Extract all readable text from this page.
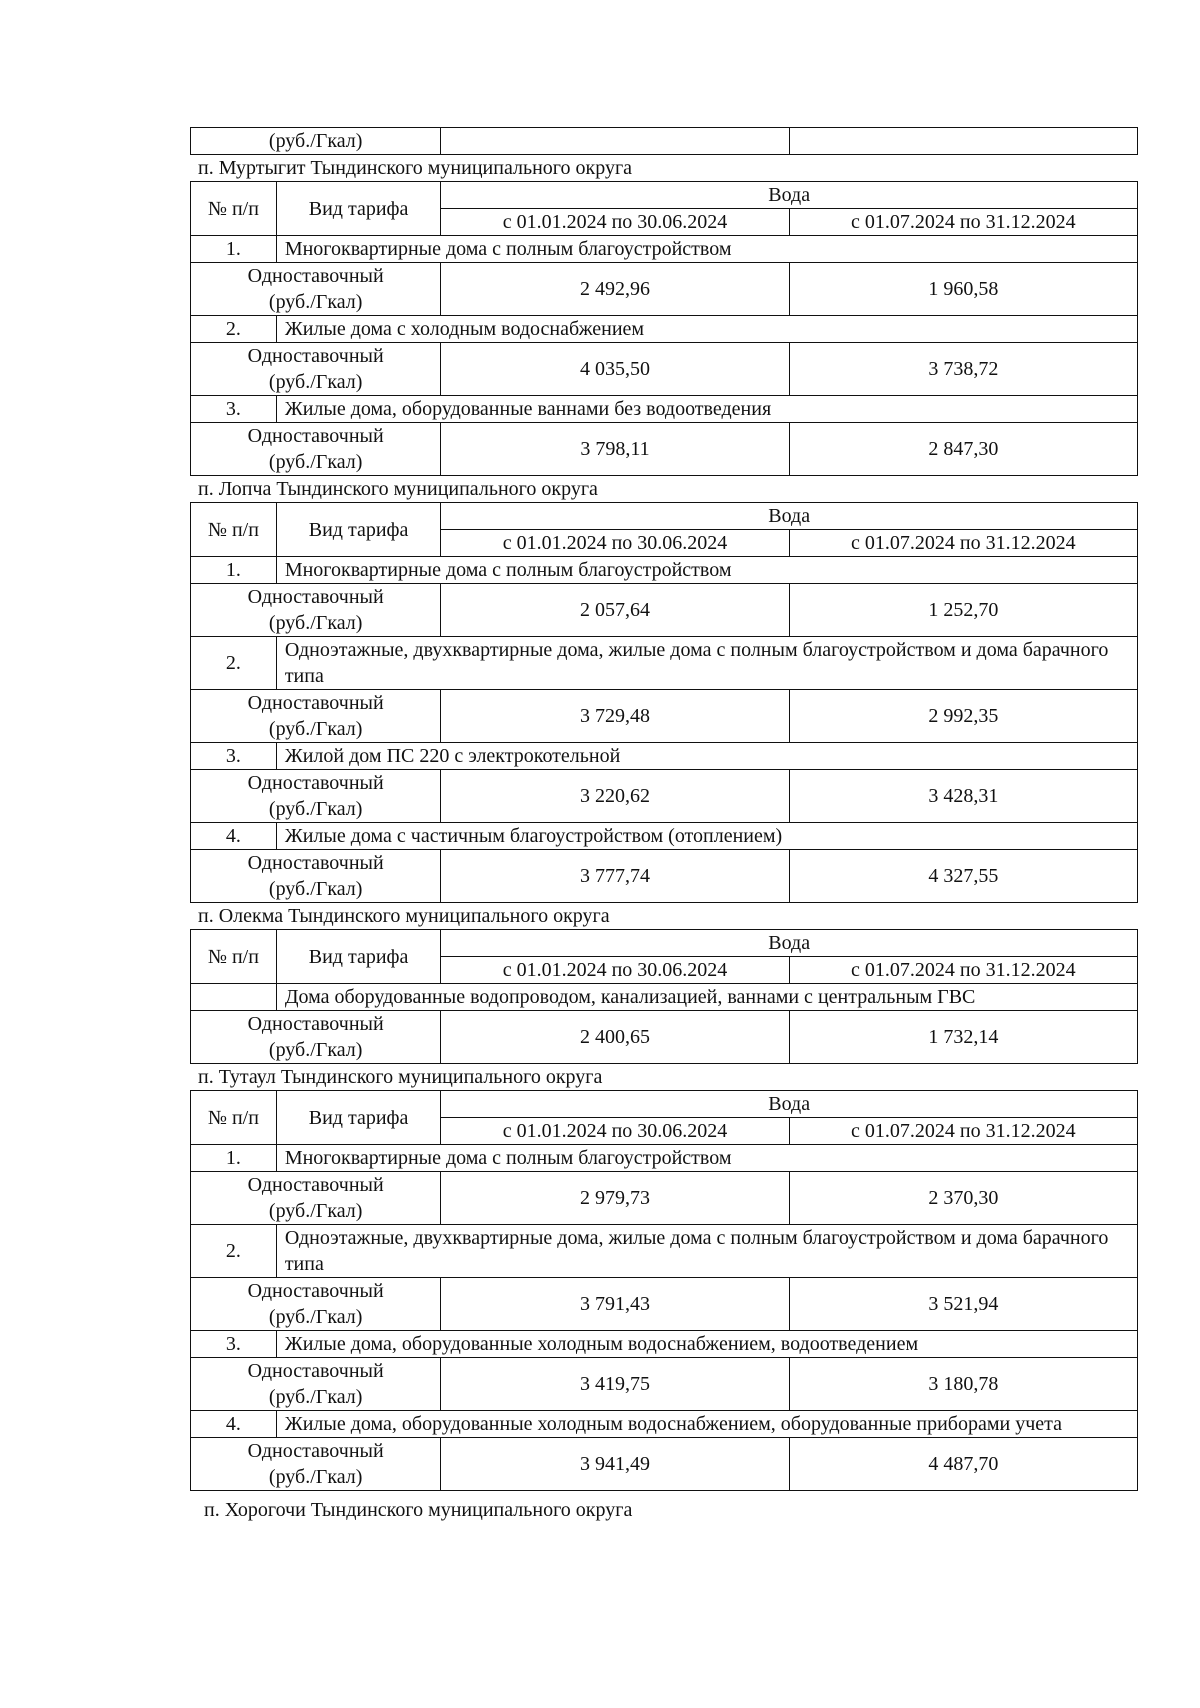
(руб./Гкал)		
п. Муртыгит Тындинского муниципального округа
№ п/п	Вид тарифа	Вода	
		с 01.01.2024 по 30.06.2024	с 01.07.2024 по 31.12.2024
1.	Многоквартирные дома с полным благоустройством		

Одноставочный
(руб./Гкал)		2 492,96	1 960,58
2.	Жилые дома с холодным водоснабжением		

Одноставочный
(руб./Гкал)		4 035,50	3 738,72
3.	Жилые дома, оборудованные ваннами без водоотведения		

Одноставочный
(руб./Гкал)		3 798,11	2 847,30
п. Лопча Тындинского муниципального округа
№ п/п	Вид тарифа	Вода	
		с 01.01.2024 по 30.06.2024	с 01.07.2024 по 31.12.2024
1.	Многоквартирные дома с полным благоустройством		

Одноставочный
(руб./Гкал)		2 057,64	1 252,70
2.	Одноэтажные, двухквартирные дома, жилые дома с полным благоустройством и дома барачного типа		

Одноставочный
(руб./Гкал)		3 729,48	2 992,35
3.	Жилой дом ПС 220 с электрокотельной		

Одноставочный
(руб./Гкал)		3 220,62	3 428,31
4.	Жилые дома с частичным благоустройством (отоплением)		

Одноставочный
(руб./Гкал)		3 777,74	4 327,55
п. Олекма Тындинского муниципального округа
№ п/п	Вид тарифа	Вода	
		с 01.01.2024 по 30.06.2024	с 01.07.2024 по 31.12.2024
	Дома оборудованные водопроводом, канализацией, ваннами с центральным ГВС		

Одноставочный
(руб./Гкал)		2 400,65	1 732,14
п. Тутаул Тындинского муниципального округа
№ п/п	Вид тарифа	Вода	
		с 01.01.2024 по 30.06.2024	с 01.07.2024 по 31.12.2024
1.	Многоквартирные дома с полным благоустройством		

Одноставочный
(руб./Гкал)		2 979,73	2 370,30
2.	Одноэтажные, двухквартирные дома, жилые дома с полным благоустройством и дома барачного типа		

Одноставочный
(руб./Гкал)		3 791,43	3 521,94
3.	Жилые дома, оборудованные холодным водоснабжением, водоотведением		

Одноставочный
(руб./Гкал)		3 419,75	3 180,78
4.	Жилые дома, оборудованные холодным водоснабжением, оборудованные приборами учета		

Одноставочный
(руб./Гкал)		3 941,49	4 487,70
п. Хорогочи Тындинского муниципального округа
